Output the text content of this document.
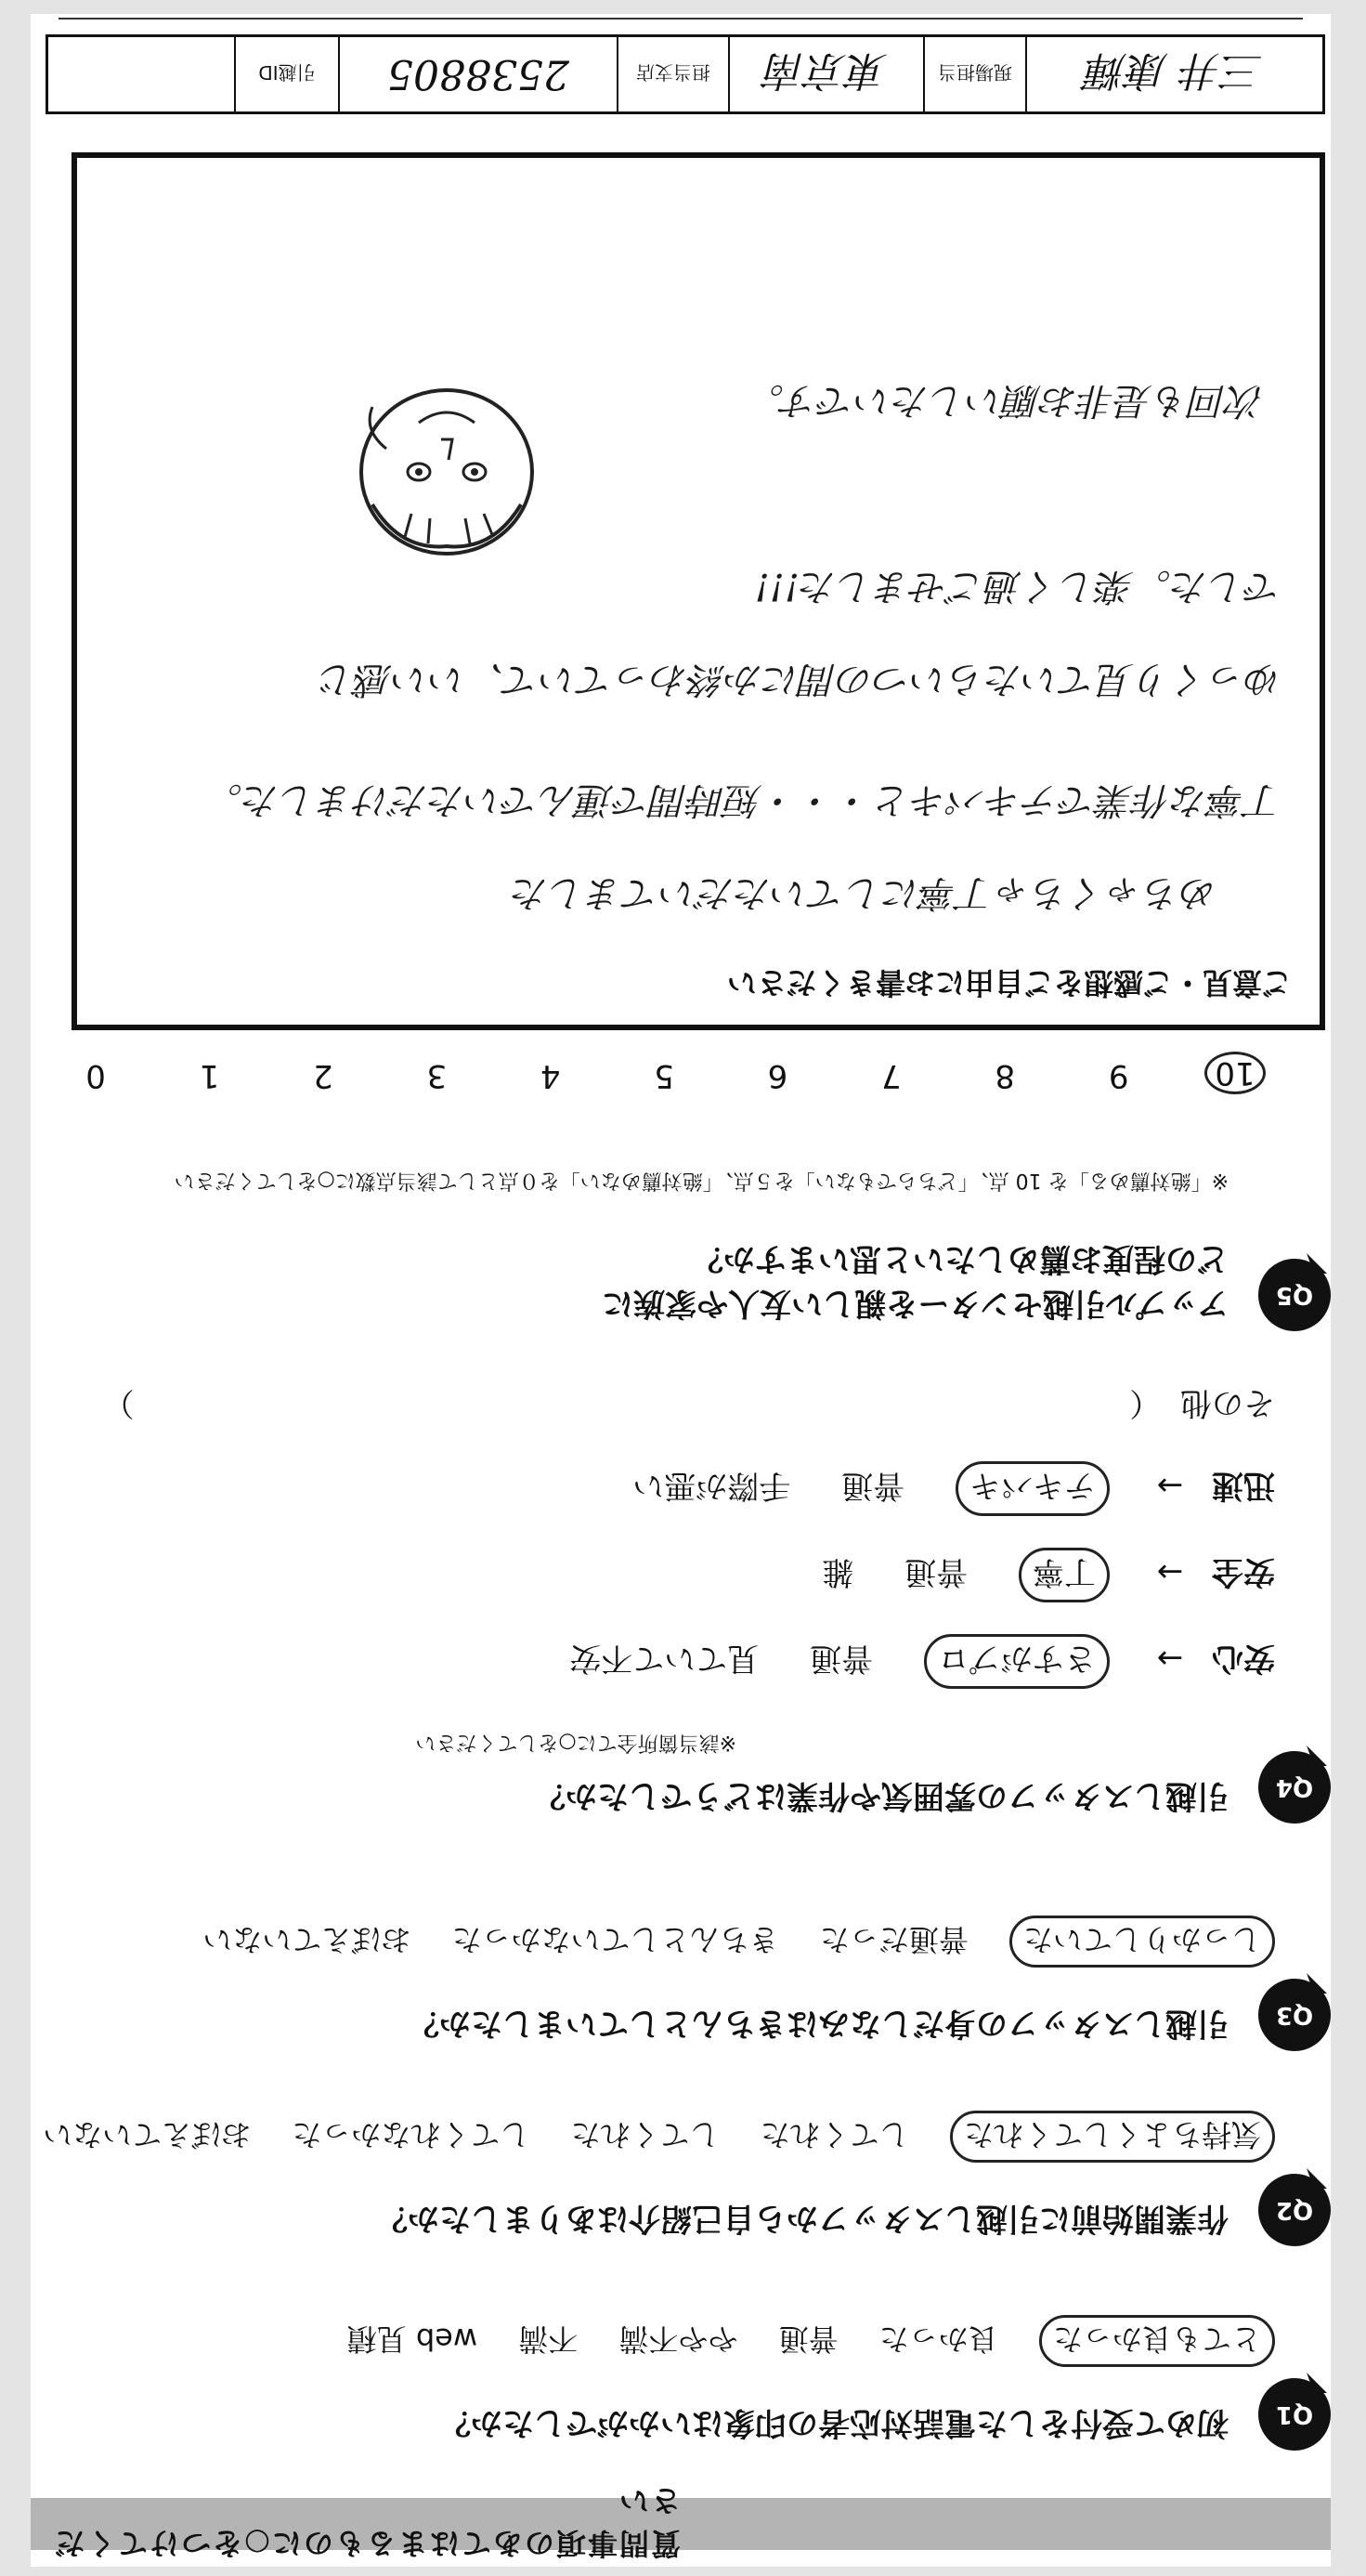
質問事項のあてはまるものに○をつけてください
Q1
初めて受付をした電話対応者の印象はいかがでしたか？
とても良かった 良かった 普通 やや不満 不満 web 見積
Q2
作業開始前に引越しスタッフから自己紹介はありましたか？
気持ちよくしてくれた してくれた してくれた してくれなかった おぼえていない
Q3
引越しスタッフの身だしなみはきちんとしていましたか？
しっかりしていた 普通だった きちんとしていなかった おぼえていない
Q4
引越しスタッフの雰囲気や作業はどうでしたか？
※該当箇所全てに○をしてください
安心 → さすがプロ 普通 見ていて不安
安全 → 丁寧 普通 雑
迅速 → テキパキ 普通 手際が悪い
その他 （  ）
Q5
アップル引越センターを親しい友人や家族に
どの程度お薦めしたいと思いますか？
※「絶対薦める」を 10 点、「どちらでもない」を５点、「絶対薦めない」を０点として該当点数に○をしてください
10
9
8
7
6
5
4
3
2
1
0
ご意見・ご感想をご自由にお書きください
めちゃくちゃ丁寧にしていただいてました
丁寧な作業でテキパキと・・・短時間で運んでいただけました。
ゆっくり見ていたらいつの間にか終わっていて、いい感じ
でした。楽しく過ごせました!!!
次回も是非お願いしたいです。
三井 康輝
現場担当
東京南
担当支店
2538805
引越ID
